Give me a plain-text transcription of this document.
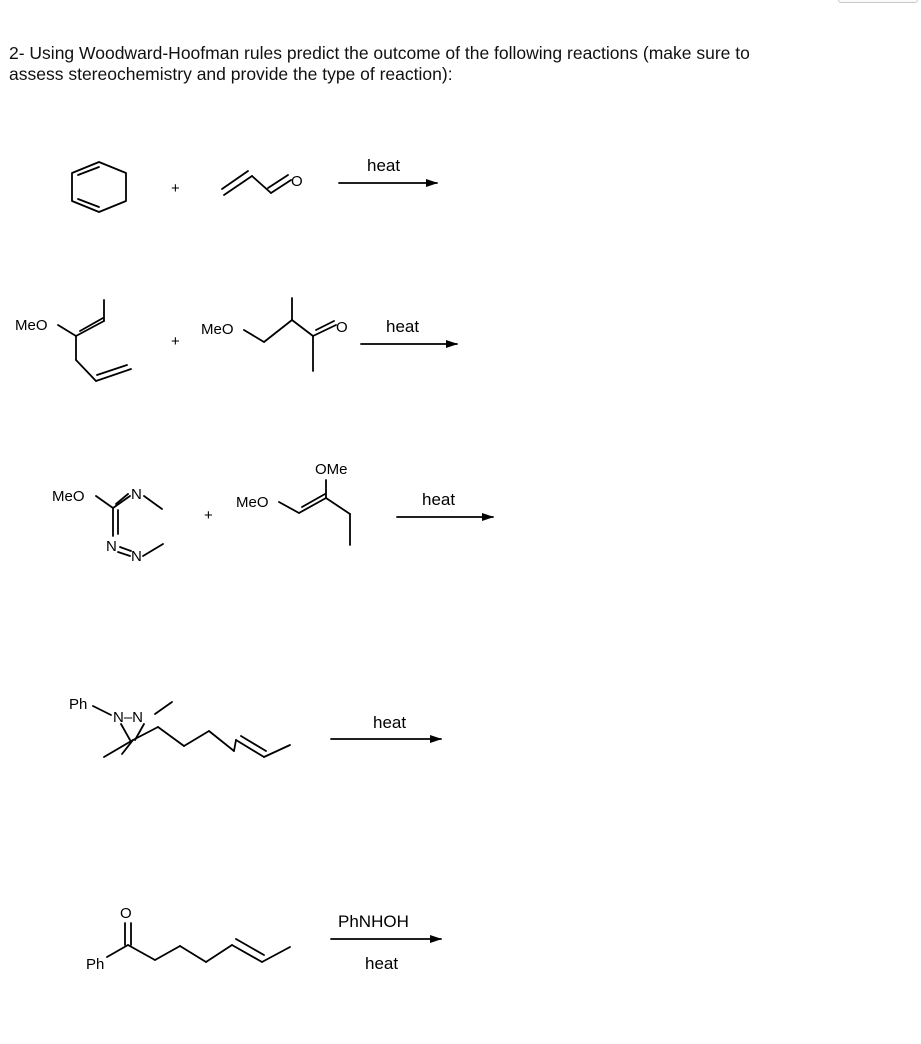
2- Using Woodward-Hoofman rules predict the outcome of the following reactions (make sure to

assess stereochemistry and provide the type of reaction):

+	O
heat
MeO
+
MeO	O heat
MeO	N
N
N
+
MeO
OMe
heat
Ph
N–N	heat
O
Ph
PhNHOH
heat
